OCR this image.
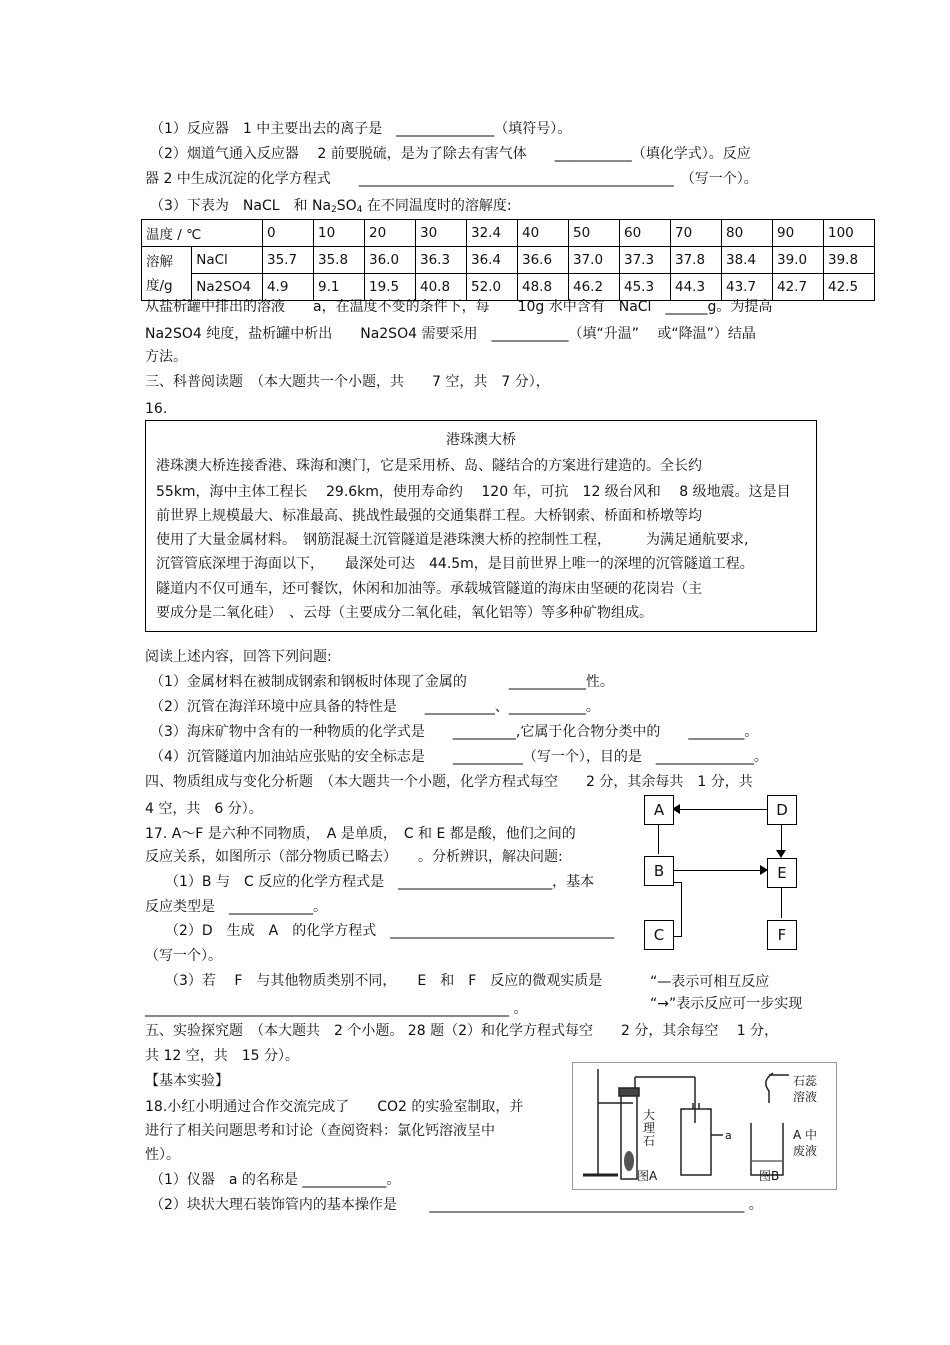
（1）反应器　1 中主要出去的离子是　______________（填符号）。
（2）烟道气通入反应器　 2 前要脱硫，是为了除去有害气体　　___________（填化学式）。反应
器 2 中生成沉淀的化学方程式　　_____________________________________________　（写一个）。
（3）下表为　NaCL　和 $Na_2SO_4$ 在不同温度时的溶解度:
温度 / ℃		0	10	20	30	32.4	40	50	60	70	80	90	100
溶解
度/g	NaCl	35.7	35.8	36.0	36.3	36.4	36.6	37.0	37.3	37.8	38.4	39.0	39.8
	Na2SO4	4.9	9.1	19.5	40.8	52.0	48.8	46.2	45.3	44.3	43.7	42.7	42.5
从盐析罐中排出的溶液　　a，在温度不变的条件下，每　　10g 水中含有　NaCl　______g。为提高
Na2SO4 纯度，盐析罐中析出　　Na2SO4 需要采用　___________（填“升温”　 或“降温”）结晶
方法。
三、科普阅读题　（本大题共一个小题，共　　7 空，共　7 分），
16.
港珠澳大桥
港珠澳大桥连接香港、珠海和澳门，它是采用桥、岛、隧结合的方案进行建造的。全长约
55km，海中主体工程长　 29.6km，使用寿命约　 120 年，可抗　12 级台风和　 8 级地震。这是目
前世界上规模最大、标准最高、挑战性最强的交通集群工程。大桥钢索、桥面和桥墩等均
使用了大量金属材料。　钢筋混凝土沉管隧道是港珠澳大桥的控制性工程，　　　为满足通航要求,
沉管管底深埋于海面以下，　　最深处可达　44.5m，是目前世界上唯一的深埋的沉管隧道工程。
隧道内不仅可通车，还可餐饮，休闲和加油等。承载城管隧道的海床由坚硬的花岗岩（主
要成分是二氧化硅）　、云母（主要成分二氧化硅，氧化铝等）等多种矿物组成。
阅读上述内容，回答下列问题:
（1）金属材料在被制成钢索和钢板时体现了金属的　　　___________性。
（2）沉管在海洋环境中应具备的特性是　　__________、___________。
（3）海床矿物中含有的一种物质的化学式是　　_________,它属于化合物分类中的　　________。
（4）沉管隧道内加油站应张贴的安全标志是　　__________（写一个），目的是　______________。
四、物质组成与变化分析题　（本大题共一个小题，化学方程式每空　　2 分，其余每共　1 分，共
4 空，共　6 分）。
17. A～F 是六种不同物质，　A 是单质，　C 和 E 都是酸，他们之间的
反应关系，如图所示（部分物质已略去）　　。分析辨识，解决问题:
（1）B 与　C 反应的化学方程式是　______________________，基本
反应类型是　____________。
（2）D　生成　A　的化学方程式　________________________________
（写一个）。
（3）若　 F　与其他物质类别不同，　　E　和　F　反应的微观实质是
____________________________________________________ 。
A	D
B	E
C	F
“—表示可相互反应
“→”表示反应可一步实现
五、实验探究题　（本大题共　2 个小题。 28 题（2）和化学方程式每空　　2 分，其余每空　 1 分，
共 12 空，共　15 分）。
【基本实验】
18.小红小明通过合作交流完成了　　CO2 的实验室制取，并
进行了相关问题思考和讨论（查阅资料：氯化钙溶液呈中
性）。
（1）仪器　a 的名称是 ____________。
（2）块状大理石装饰管内的基本操作是　　 _____________________________________________ 。
大
理
石	a
图A
石蕊
溶液
A 中
废液
图B
